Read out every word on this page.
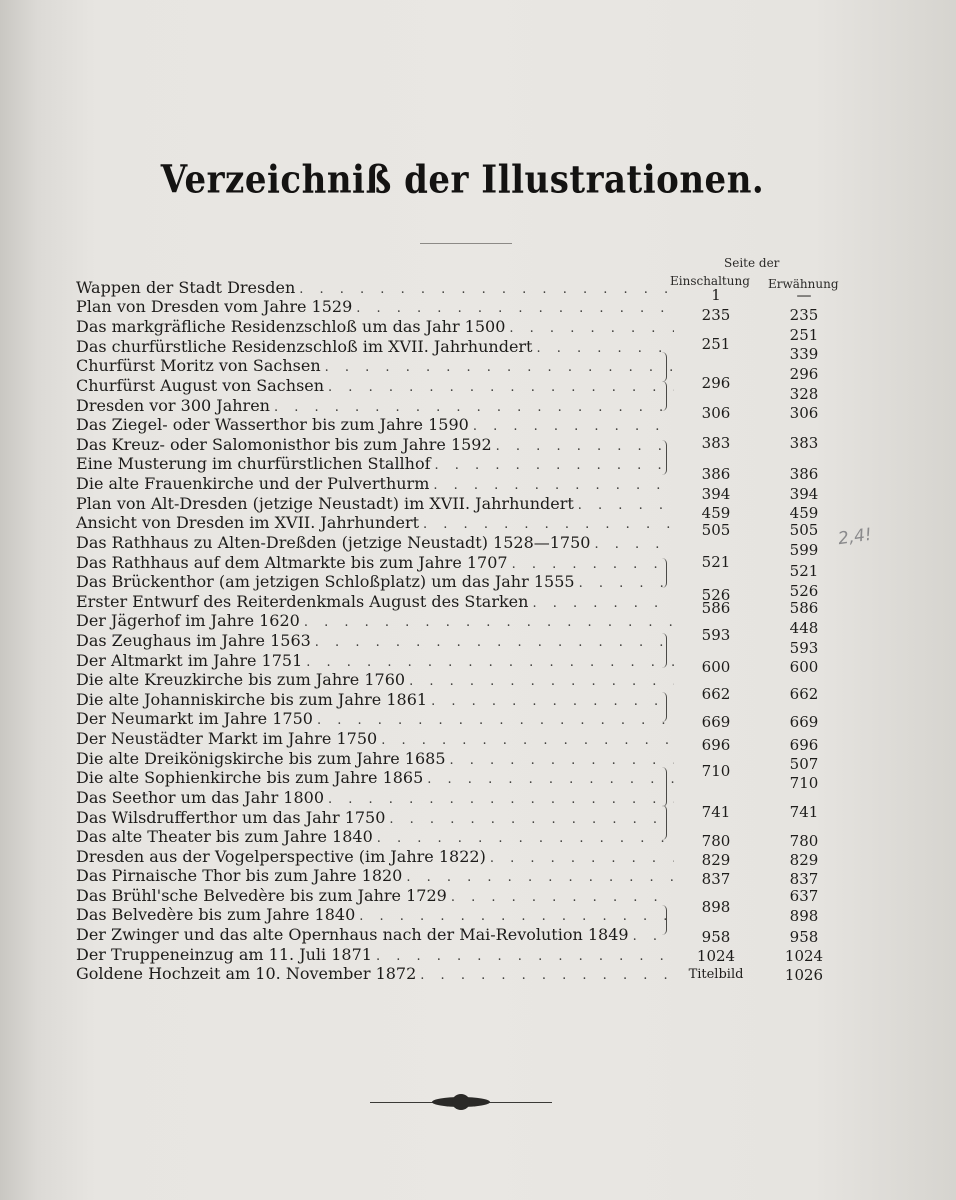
Verzeichniß der Illustrationen.
Seite der
Einschaltung Erwähnung
Wappen der Stadt Dresden
. . .
Plan von Dresden vom Jahre 1529
. . .
Das markgräfliche Residenzschloß um das Jahr 1500
. . .
Das churfürstliche Residenzschloß im XVII. Jahrhundert
. . .
Churfürst Moritz von Sachsen
. . .
Churfürst August von Sachsen
. . .
Dresden vor 300 Jahren
. . .
Das Ziegel- oder Wasserthor bis zum Jahre 1590
. . .
Das Kreuz- oder Salomonisthor bis zum Jahre 1592
. . .
Eine Musterung im churfürstlichen Stallhof
. . .
Die alte Frauenkirche und der Pulverthurm
. . .
Plan von Alt-Dresden (jetzige Neustadt) im XVII. Jahrhundert
. . .
Ansicht von Dresden im XVII. Jahrhundert
. . .
Das Rathhaus zu Alten-Dreßden (jetzige Neustadt) 1528—1750
. . .
Das Rathhaus auf dem Altmarkte bis zum Jahre 1707
. . .
Das Brückenthor (am jetzigen Schloßplatz) um das Jahr 1555
. . .
Erster Entwurf des Reiterdenkmals August des Starken
. . .
Der Jägerhof im Jahre 1620
. . .
Das Zeughaus im Jahre 1563
. . .
Der Altmarkt im Jahre 1751
. . .
Die alte Kreuzkirche bis zum Jahre 1760
. . .
Die alte Johanniskirche bis zum Jahre 1861
. . .
Der Neumarkt im Jahre 1750
. . .
Der Neustädter Markt im Jahre 1750
. . .
Die alte Dreikönigskirche bis zum Jahre 1685
. . .
Die alte Sophienkirche bis zum Jahre 1865
. . .
Das Seethor um das Jahr 1800
. . .
Das Wilsdrufferthor um das Jahr 1750
. . .
Das alte Theater bis zum Jahre 1840
. . .
Dresden aus der Vogelperspective (im Jahre 1822)
. . .
Das Pirnaische Thor bis zum Jahre 1820
. . .
Das Brühl'sche Belvedère bis zum Jahre 1729
. . .
Das Belvedère bis zum Jahre 1840
. . .
Der Zwinger und das alte Opernhaus nach der Mai-Revolution 1849
. . .
Der Truppeneinzug am 11. Juli 1871
. . .
Goldene Hochzeit am 10. November 1872
. . .
1
235
251
296
306
383
386
394
459
505
521
526
586
593
600
662
669
696
710
741
780
829
837
898
958
1024
Titelbild
—
235
251
339
296
328
306
383
386
394
459
505
599
521
526
586
448
593
600
662
669
696
507
710
741
780
829
837
637
898
958
1024
1026
2,4!
